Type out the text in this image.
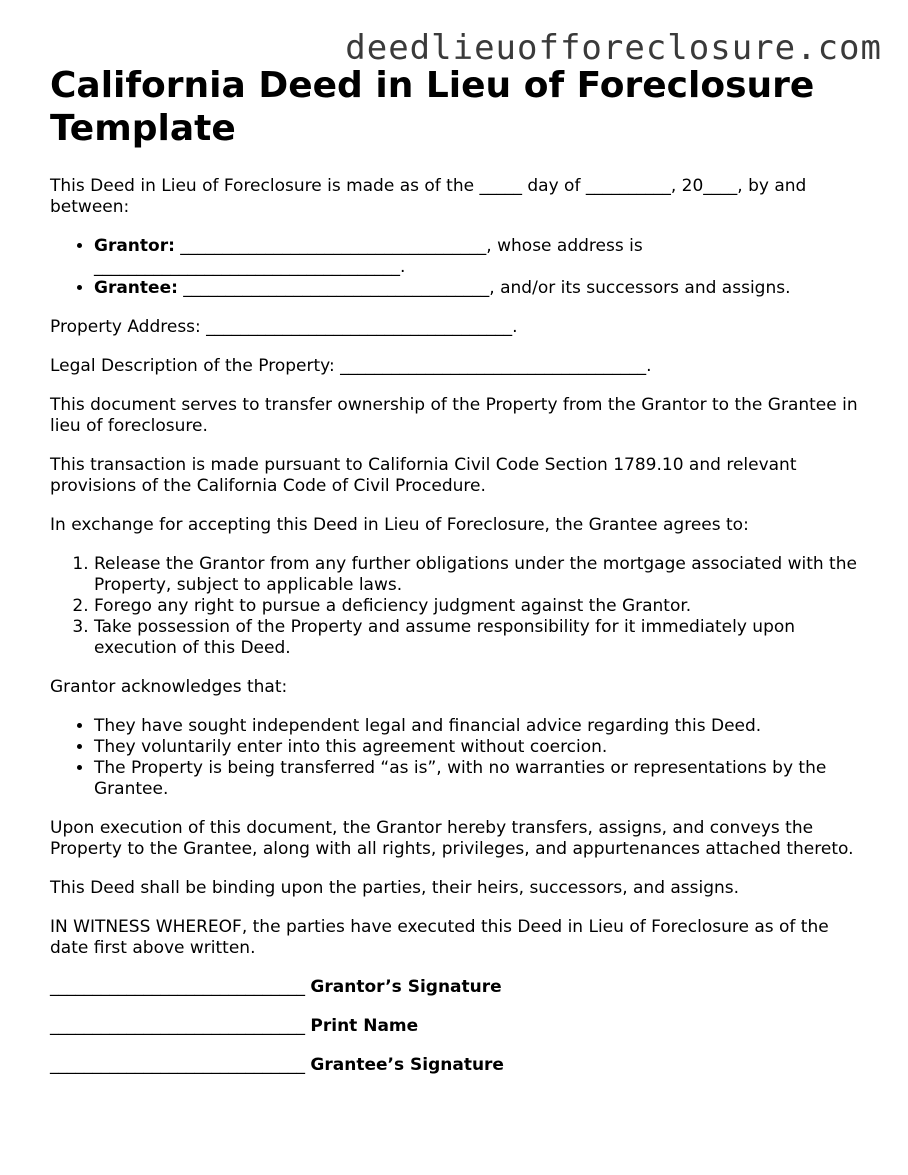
deedlieuofforeclosure.com
California Deed in Lieu of Foreclosure Template

This Deed in Lieu of Foreclosure is made as of the _____ day of __________, 20____, by and between:

• Grantor: ____________________________________, whose address is ____________________________________.
• Grantee: ____________________________________, and/or its successors and assigns.

Property Address: ____________________________________.

Legal Description of the Property: ____________________________________.

This document serves to transfer ownership of the Property from the Grantor to the Grantee in lieu of foreclosure.

This transaction is made pursuant to California Civil Code Section 1789.10 and relevant provisions of the California Code of Civil Procedure.

In exchange for accepting this Deed in Lieu of Foreclosure, the Grantee agrees to:

1. Release the Grantor from any further obligations under the mortgage associated with the Property, subject to applicable laws.
2. Forego any right to pursue a deficiency judgment against the Grantor.
3. Take possession of the Property and assume responsibility for it immediately upon execution of this Deed.

Grantor acknowledges that:

• They have sought independent legal and financial advice regarding this Deed.
• They voluntarily enter into this agreement without coercion.
• The Property is being transferred “as is”, with no warranties or representations by the Grantee.

Upon execution of this document, the Grantor hereby transfers, assigns, and conveys the Property to the Grantee, along with all rights, privileges, and appurtenances attached thereto.

This Deed shall be binding upon the parties, their heirs, successors, and assigns.

IN WITNESS WHEREOF, the parties have executed this Deed in Lieu of Foreclosure as of the date first above written.

______________________________ Grantor’s Signature

______________________________ Print Name

______________________________ Grantee’s Signature
